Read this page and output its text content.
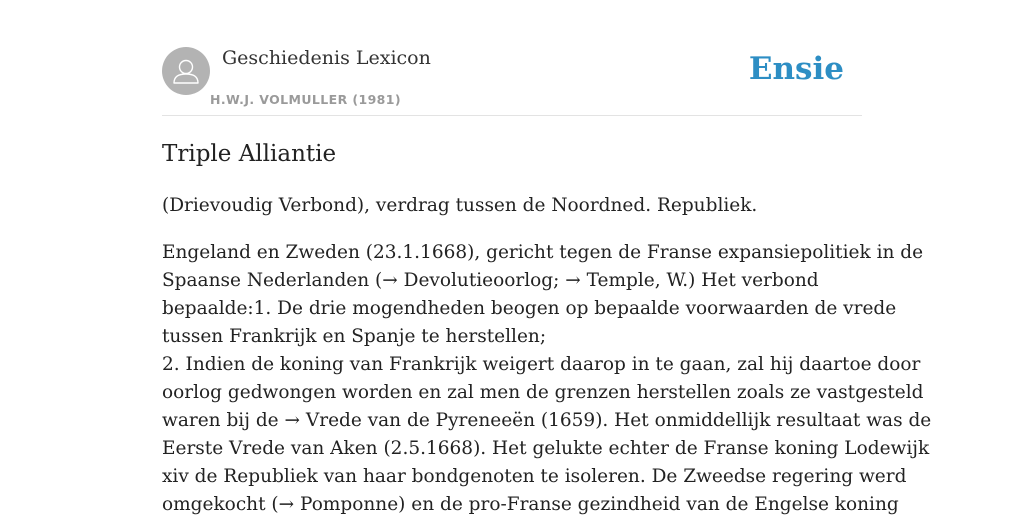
Geschiedenis Lexicon
H.W.J. VOLMULLER (1981)
Ensie
Triple Alliantie

(Drievoudig Verbond), verdrag tussen de Noordned. Republiek.

Engeland en Zweden (23.1.1668), gericht tegen de Franse expansiepolitiek in de
Spaanse Nederlanden (→ Devolutieoorlog; → Temple, W.) Het verbond
bepaalde:1. De drie mogendheden beogen op bepaalde voorwaarden de vrede
tussen Frankrijk en Spanje te herstellen;
2. Indien de koning van Frankrijk weigert daarop in te gaan, zal hij daartoe door
oorlog gedwongen worden en zal men de grenzen herstellen zoals ze vastgesteld
waren bij de → Vrede van de Pyreneeën (1659). Het onmiddellijk resultaat was de
Eerste Vrede van Aken (2.5.1668). Het gelukte echter de Franse koning Lodewijk
xiv de Republiek van haar bondgenoten te isoleren. De Zweedse regering werd
omgekocht (→ Pomponne) en de pro-Franse gezindheid van de Engelse koning
